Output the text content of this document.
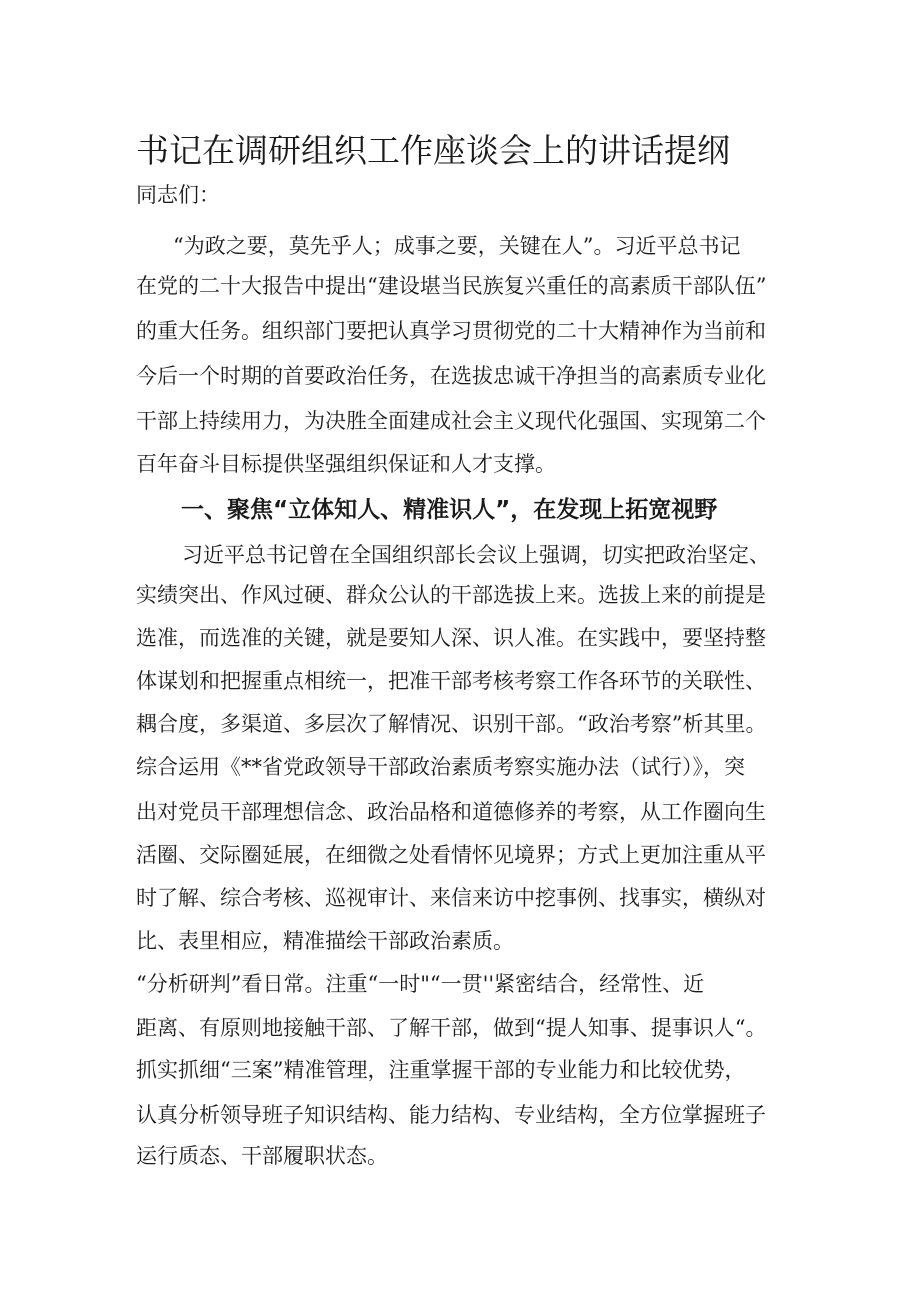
书记在调研组织工作座谈会上的讲话提纲

同志们：

“为政之要，莫先乎人；成事之要，关键在人”。习近平总书记

在党的二十大报告中提出“建设堪当民族复兴重任的高素质干部队伍”

的重大任务。组织部门要把认真学习贯彻党的二十大精神作为当前和

今后一个时期的首要政治任务，在选拔忠诚干净担当的高素质专业化

干部上持续用力，为决胜全面建成社会主义现代化强国、实现第二个

百年奋斗目标提供坚强组织保证和人才支撑。

一、聚焦“立体知人、精准识人”，在发现上拓宽视野

习近平总书记曾在全国组织部长会议上强调，切实把政治坚定、

实绩突出、作风过硬、群众公认的干部选拔上来。选拔上来的前提是

选准，而选准的关键，就是要知人深、识人准。在实践中，要坚持整

体谋划和把握重点相统一，把准干部考核考察工作各环节的关联性、

耦合度，多渠道、多层次了解情况、识别干部。“政治考察”析其里。

综合运用《**省党政领导干部政治素质考察实施办法（试行）》，突

出对党员干部理想信念、政治品格和道德修养的考察，从工作圈向生

活圈、交际圈延展，在细微之处看情怀见境界；方式上更加注重从平

时了解、综合考核、巡视审计、来信来访中挖事例、找事实，横纵对

比、表里相应，精准描绘干部政治素质。

“分析研判”看日常。注重“一时"“一贯''紧密结合，经常性、近

距离、有原则地接触干部、了解干部，做到“提人知事、提事识人“。

抓实抓细“三案”精准管理，注重掌握干部的专业能力和比较优势，

认真分析领导班子知识结构、能力结构、专业结构，全方位掌握班子

运行质态、干部履职状态。
